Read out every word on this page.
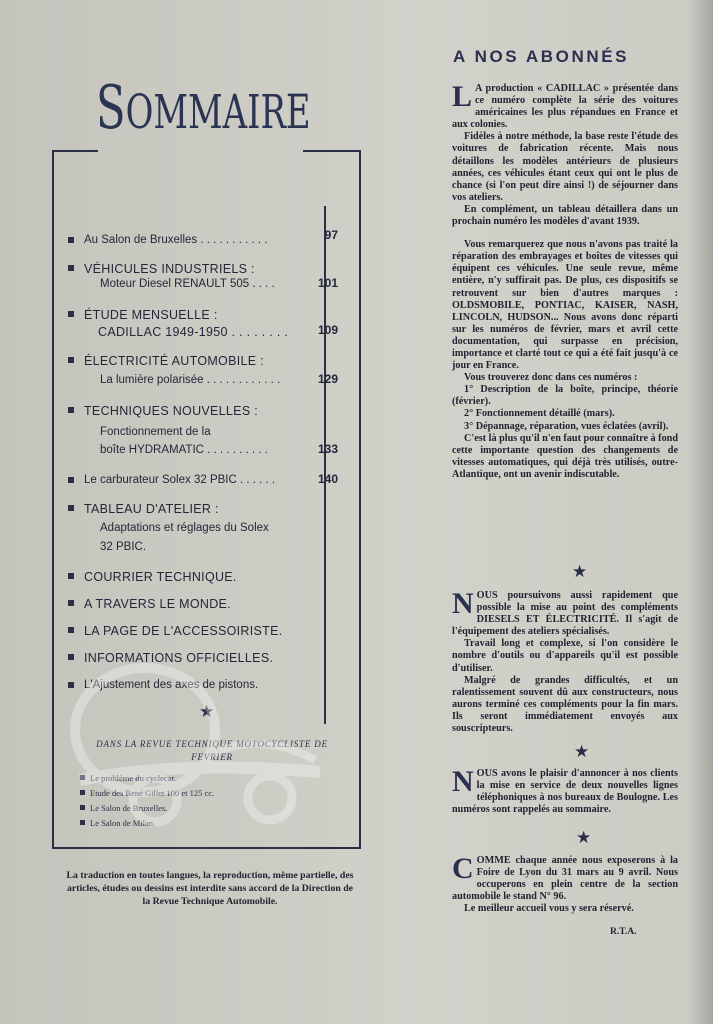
SOMMAIRE
Au Salon de Bruxelles . . . . . . . . . . .	97
VÉHICULES INDUSTRIELS :
Moteur Diesel RENAULT 505 . . . .	101
ÉTUDE MENSUELLE :
CADILLAC 1949-1950 . . . . . . . . 109
ÉLECTRICITÉ AUTOMOBILE :
La lumière polarisée . . . . . . . . . . . .	129
TECHNIQUES NOUVELLES :
Fonctionnement de la
boîte HYDRAMATIC . . . . . . . . . .	133
Le carburateur Solex 32 PBIC . . . . . .	140
TABLEAU D'ATELIER :
Adaptations et réglages du Solex
32 PBIC.
COURRIER TECHNIQUE.
A TRAVERS LE MONDE.
LA PAGE DE L'ACCESSOIRISTE.
INFORMATIONS OFFICIELLES.
L'Ajustement des axes de pistons.
★
DANS LA REVUE TECHNIQUE MOTOCYCLISTE DE FEVRIER
Le problème du cyclecar.
Etude des René Gillet 100 et 125 cc.
Le Salon de Bruxelles.
Le Salon de Milan.
La traduction en toutes langues, la reproduction, même partielle, des articles, études ou dessins est interdite sans accord de la Direction de la Revue Technique Automobile.
A NOS ABONNÉS

L A production « CADILLAC » présentée dans ce numéro complète la série des voitures américaines les plus répandues en France et aux colonies.

Fidèles à notre méthode, la base reste l'étude des voitures de fabrication récente. Mais nous détaillons les modèles antérieurs de plusieurs années, ces véhicules étant ceux qui ont le plus de chance (si l'on peut dire ainsi !) de séjourner dans vos ateliers.

En complément, un tableau détaillera dans un prochain numéro les modèles d'avant 1939.

Vous remarquerez que nous n'avons pas traité la réparation des embrayages et boîtes de vitesses qui équipent ces véhicules. Une seule revue, même entière, n'y suffirait pas. De plus, ces dispositifs se retrouvent sur bien d'autres marques : OLDSMOBILE, PONTIAC, KAISER, NASH, LINCOLN, HUDSON... Nous avons donc réparti sur les numéros de février, mars et avril cette documentation, qui surpasse en précision, importance et clarté tout ce qui a été fait jusqu'à ce jour en France.

Vous trouverez donc dans ces numéros :

1° Description de la boîte, principe, théorie (février).

2° Fonctionnement détaillé (mars).

3° Dépannage, réparation, vues éclatées (avril).

C'est là plus qu'il n'en faut pour connaître à fond cette importante question des changements de vitesses automatiques, qui déjà très utilisés, outre-Atlantique, ont un avenir indiscutable.

★

NOUS poursuivons aussi rapidement que possible la mise au point des compléments DIESELS ET ÉLECTRICITÉ. Il s'agit de l'équipement des ateliers spécialisés.

Travail long et complexe, si l'on considère le nombre d'outils ou d'appareils qu'il est possible d'utiliser.

Malgré de grandes difficultés, et un ralentissement souvent dû aux constructeurs, nous aurons terminé ces compléments pour la fin mars. Ils seront immédiatement envoyés aux souscripteurs.

★

NOUS avons le plaisir d'annoncer à nos clients la mise en service de deux nouvelles lignes téléphoniques à nos bureaux de Boulogne. Les numéros sont rappelés au sommaire.

★

COMME chaque année nous exposerons à la Foire de Lyon du 31 mars au 9 avril. Nous occuperons en plein centre de la section automobile le stand N° 96.

Le meilleur accueil vous y sera réservé.

R.T.A.
